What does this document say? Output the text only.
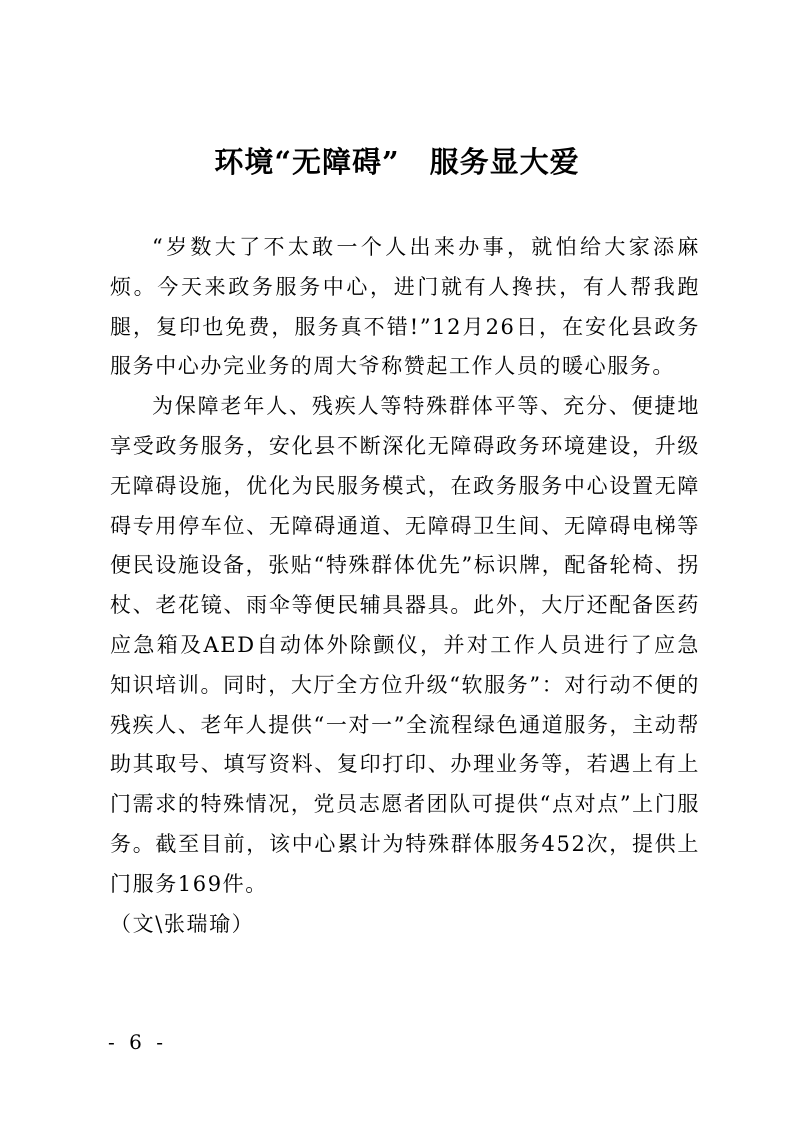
环境“无障碍”　服务显大爱

“岁数大了不太敢一个人出来办事，就怕给大家添麻烦。今天来政务服务中心，进门就有人搀扶，有人帮我跑腿，复印也免费，服务真不错!”12月26日，在安化县政务服务中心办完业务的周大爷称赞起工作人员的暖心服务。

为保障老年人、残疾人等特殊群体平等、充分、便捷地享受政务服务，安化县不断深化无障碍政务环境建设，升级无障碍设施，优化为民服务模式，在政务服务中心设置无障碍专用停车位、无障碍通道、无障碍卫生间、无障碍电梯等便民设施设备，张贴“特殊群体优先”标识牌，配备轮椅、拐杖、老花镜、雨伞等便民辅具器具。此外，大厅还配备医药应急箱及AED自动体外除颤仪，并对工作人员进行了应急知识培训。同时，大厅全方位升级“软服务”：对行动不便的残疾人、老年人提供“一对一”全流程绿色通道服务，主动帮助其取号、填写资料、复印打印、办理业务等，若遇上有上门需求的特殊情况，党员志愿者团队可提供“点对点”上门服务。截至目前，该中心累计为特殊群体服务452次，提供上门服务169件。

（文\张瑞瑜）

- 6 -
